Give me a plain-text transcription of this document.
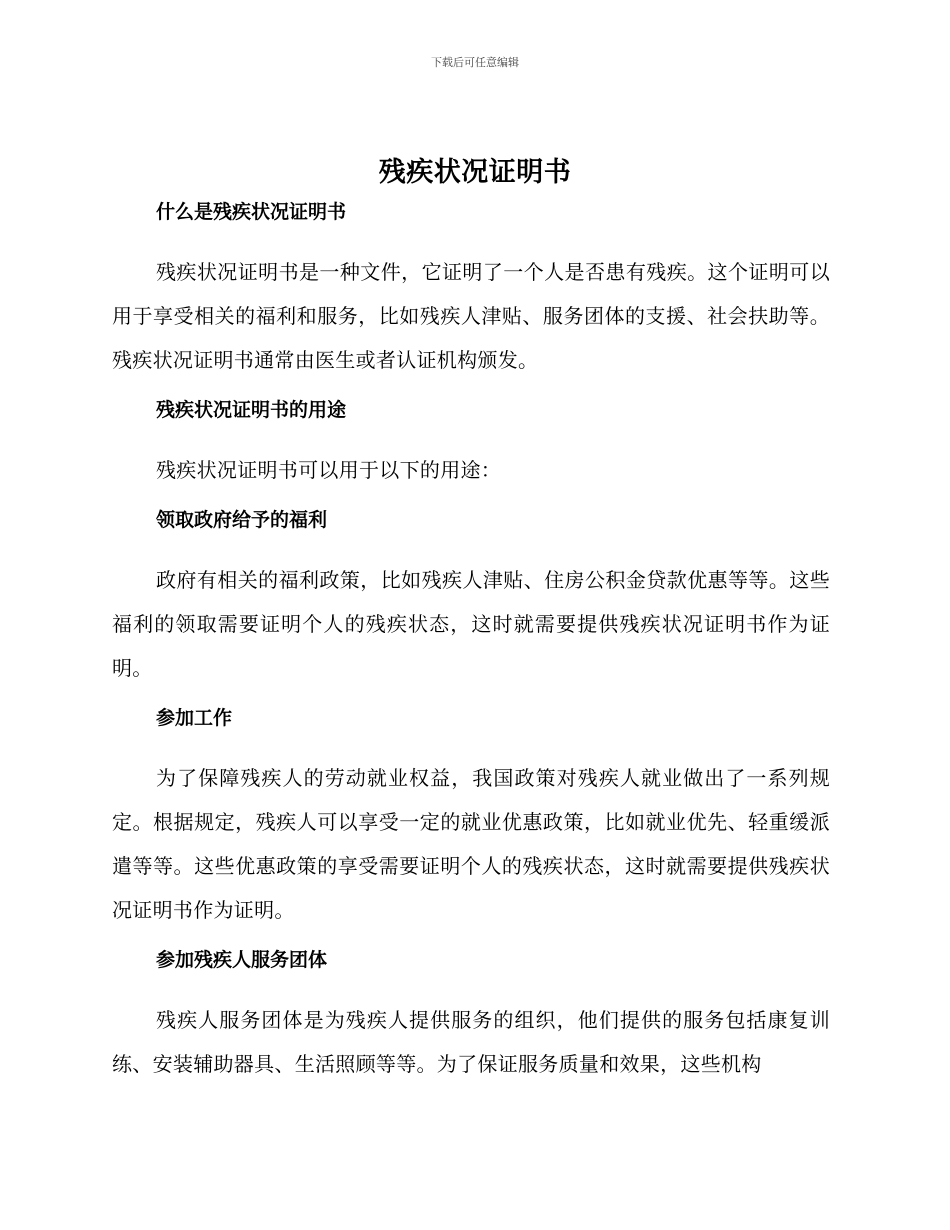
下载后可任意编辑
残疾状况证明书
什么是残疾状况证明书

残疾状况证明书是一种文件，它证明了一个人是否患有残疾。这个证明可以用于享受相关的福利和服务，比如残疾人津贴、服务团体的支援、社会扶助等。残疾状况证明书通常由医生或者认证机构颁发。

残疾状况证明书的用途

残疾状况证明书可以用于以下的用途：

领取政府给予的福利

政府有相关的福利政策，比如残疾人津贴、住房公积金贷款优惠等等。这些福利的领取需要证明个人的残疾状态，这时就需要提供残疾状况证明书作为证明。

参加工作

为了保障残疾人的劳动就业权益，我国政策对残疾人就业做出了一系列规定。根据规定，残疾人可以享受一定的就业优惠政策，比如就业优先、轻重缓派遣等等。这些优惠政策的享受需要证明个人的残疾状态，这时就需要提供残疾状况证明书作为证明。

参加残疾人服务团体

残疾人服务团体是为残疾人提供服务的组织，他们提供的服务包括康复训练、安装辅助器具、生活照顾等等。为了保证服务质量和效果，这些机构
